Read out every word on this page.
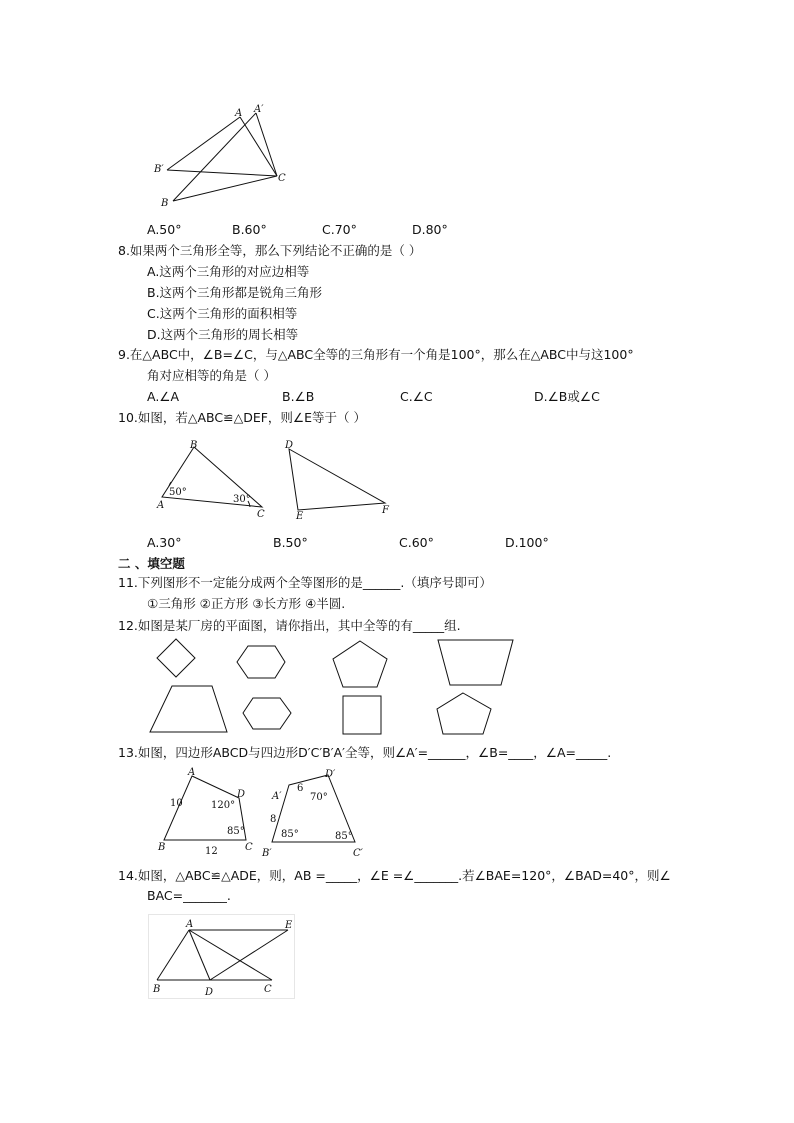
A A′
B′
C
B
A.50°	B.60°	C.70°	D.80°
8.如果两个三角形全等，那么下列结论不正确的是（ ）
A.这两个三角形的对应边相等
B.这两个三角形都是锐角三角形
C.这两个三角形的面积相等
D.这两个三角形的周长相等
9.在△ABC中，∠B=∠C，与△ABC全等的三角形有一个角是100°，那么在△ABC中与这100°
角对应相等的角是（ ）
A.∠A	B.∠B	C.∠C	D.∠B或∠C
10.如图，若△ABC≌△DEF，则∠E等于（ ）
B
A
C
50°
30°
D
E
F
A.30°	B.50°	C.60°	D.100°
二 、填空题
11.下列图形不一定能分成两个全等图形的是______.（填序号即可）
①三角形 ②正方形 ③长方形 ④半圆.
12.如图是某厂房的平面图，请你指出，其中全等的有_____组.
13.如图，四边形ABCD与四边形D′C′B′A′全等，则∠A′=______，∠B=____，∠A=_____.
A
D
B	C
10
12
120°
85°
A′
D′
B′	C′
6
8
70°
85°	85°
14.如图，△ABC≌△ADE，则，AB =_____，∠E =∠_______.若∠BAE=120°，∠BAD=40°，则∠
BAC=_______.
A	E
B	D	C
